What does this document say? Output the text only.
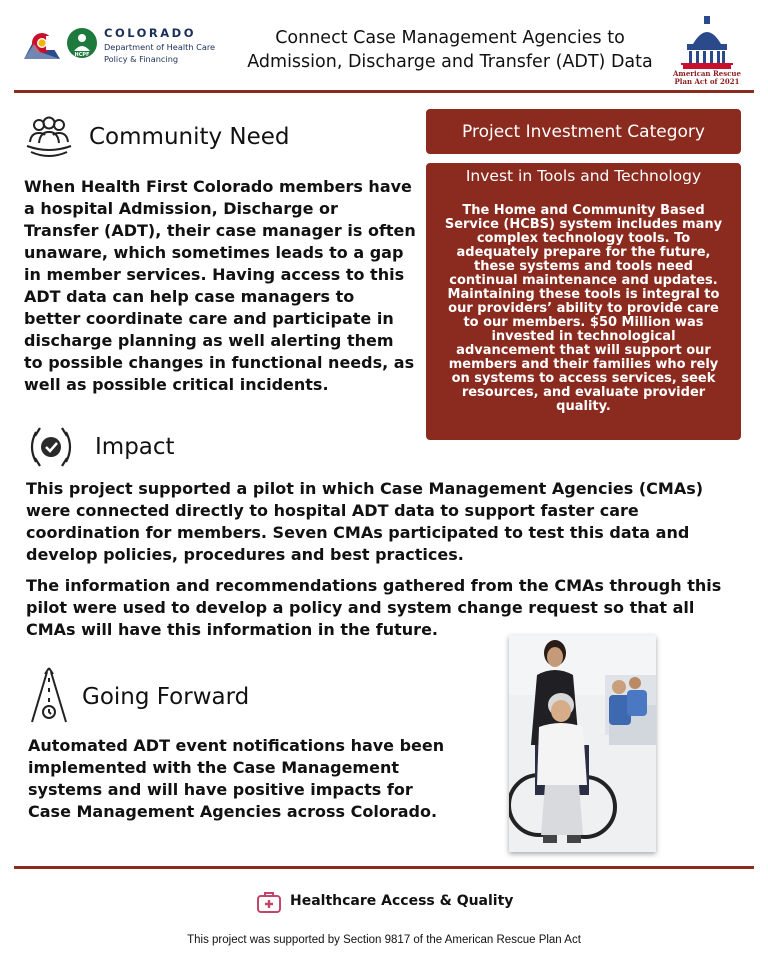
HCPF
COLORADO
Department of Health Care
Policy & Financing
Connect Case Management Agencies to
Admission, Discharge and Transfer (ADT) Data
American Rescue
Plan Act of 2021
Community Need
When Health First Colorado members have a hospital Admission, Discharge or Transfer (ADT), their case manager is often unaware, which sometimes leads to a gap in member services. Having access to this ADT data can help case managers to better coordinate care and participate in discharge planning as well alerting them to possible changes in functional needs, as well as possible critical incidents.
Project Investment Category
Invest in Tools and Technology
The Home and Community Based Service (HCBS) system includes many complex technology tools. To adequately prepare for the future, these systems and tools need continual maintenance and updates. Maintaining these tools is integral to our providers’ ability to provide care to our members. $50 Million was invested in technological advancement that will support our members and their families who rely on systems to access services, seek resources, and evaluate provider quality.
Impact
This project supported a pilot in which Case Management Agencies (CMAs) were connected directly to hospital ADT data to support faster care coordination for members. Seven CMAs participated to test this data and develop policies, procedures and best practices.
The information and recommendations gathered from the CMAs through this pilot were used to develop a policy and system change request so that all CMAs will have this information in the future.
Going Forward
Automated ADT event notifications have been implemented with the Case Management systems and will have positive impacts for Case Management Agencies across Colorado.
Healthcare Access & Quality
This project was supported by Section 9817 of the American Rescue Plan Act
